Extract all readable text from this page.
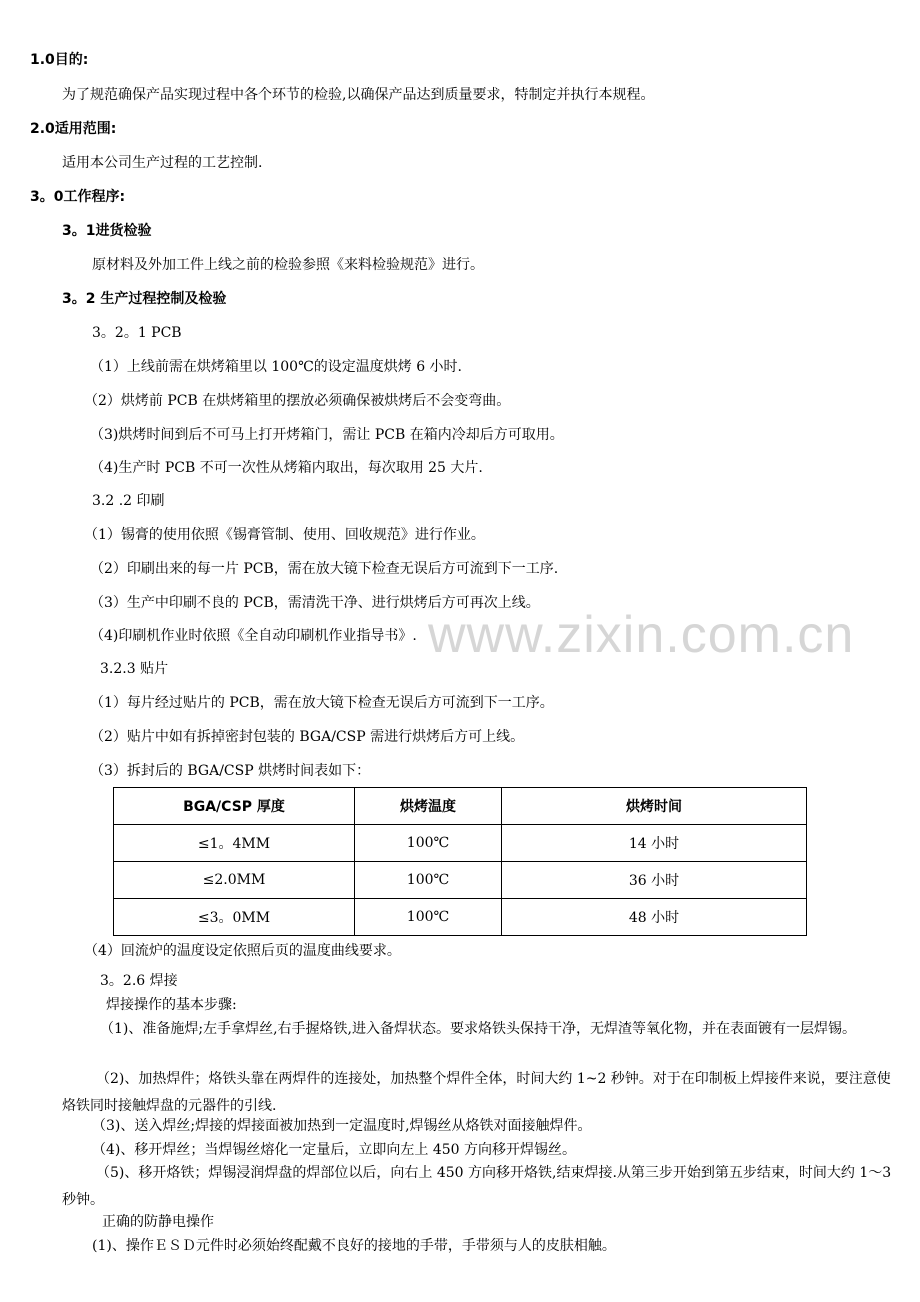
www.zixin.com.cn
1.0目的:
为了规范确保产品实现过程中各个环节的检验,以确保产品达到质量要求，特制定并执行本规程。
2.0适用范围:
适用本公司生产过程的工艺控制.
3。0工作程序:
3。1进货检验
原材料及外加工件上线之前的检验参照《来料检验规范》进行。
3。2 生产过程控制及检验
3。2。1 PCB
（1）上线前需在烘烤箱里以 100℃的设定温度烘烤 6 小时.
（2）烘烤前 PCB 在烘烤箱里的摆放必须确保被烘烤后不会变弯曲。
（3)烘烤时间到后不可马上打开烤箱门，需让 PCB 在箱内冷却后方可取用。
（4)生产时 PCB 不可一次性从烤箱内取出，每次取用 25 大片.
3.2 .2 印刷
（1）锡膏的使用依照《锡膏管制、使用、回收规范》进行作业。
（2）印刷出来的每一片 PCB，需在放大镜下检查无误后方可流到下一工序.
（3）生产中印刷不良的 PCB，需清洗干净、进行烘烤后方可再次上线。
（4)印刷机作业时依照《全自动印刷机作业指导书》.
3.2.3 贴片
（1）每片经过贴片的 PCB，需在放大镜下检查无误后方可流到下一工序。
（2）贴片中如有拆掉密封包装的 BGA/CSP 需进行烘烤后方可上线。
（3）拆封后的 BGA/CSP 烘烤时间表如下：
BGA/CSP 厚度	烘烤温度	烘烤时间
≤1。4MM	100℃	14 小时
≤2.0MM	100℃	36 小时
≤3。0MM	100℃	48 小时
（4）回流炉的温度设定依照后页的温度曲线要求。
3。2.6 焊接
焊接操作的基本步骤:
（1)、准备施焊;左手拿焊丝,右手握烙铁,进入备焊状态。要求烙铁头保持干净，无焊渣等氧化物，并在表面镀有一层焊锡。
（2)、加热焊件；烙铁头靠在两焊件的连接处，加热整个焊件全体，时间大约 1~2 秒钟。对于在印制板上焊接件来说，要注意使烙铁同时接触焊盘的元器件的引线.
（3)、送入焊丝;焊接的焊接面被加热到一定温度时,焊锡丝从烙铁对面接触焊件。
（4)、移开焊丝；当焊锡丝熔化一定量后，立即向左上 450 方向移开焊锡丝。
（5)、移开烙铁；焊锡浸润焊盘的焊部位以后，向右上 450 方向移开烙铁,结束焊接.从第三步开始到第五步结束，时间大约 1～3 秒钟。
正确的防静电操作
(1)、操作ＥＳＤ元件时必须始终配戴不良好的接地的手带，手带须与人的皮肤相触。
